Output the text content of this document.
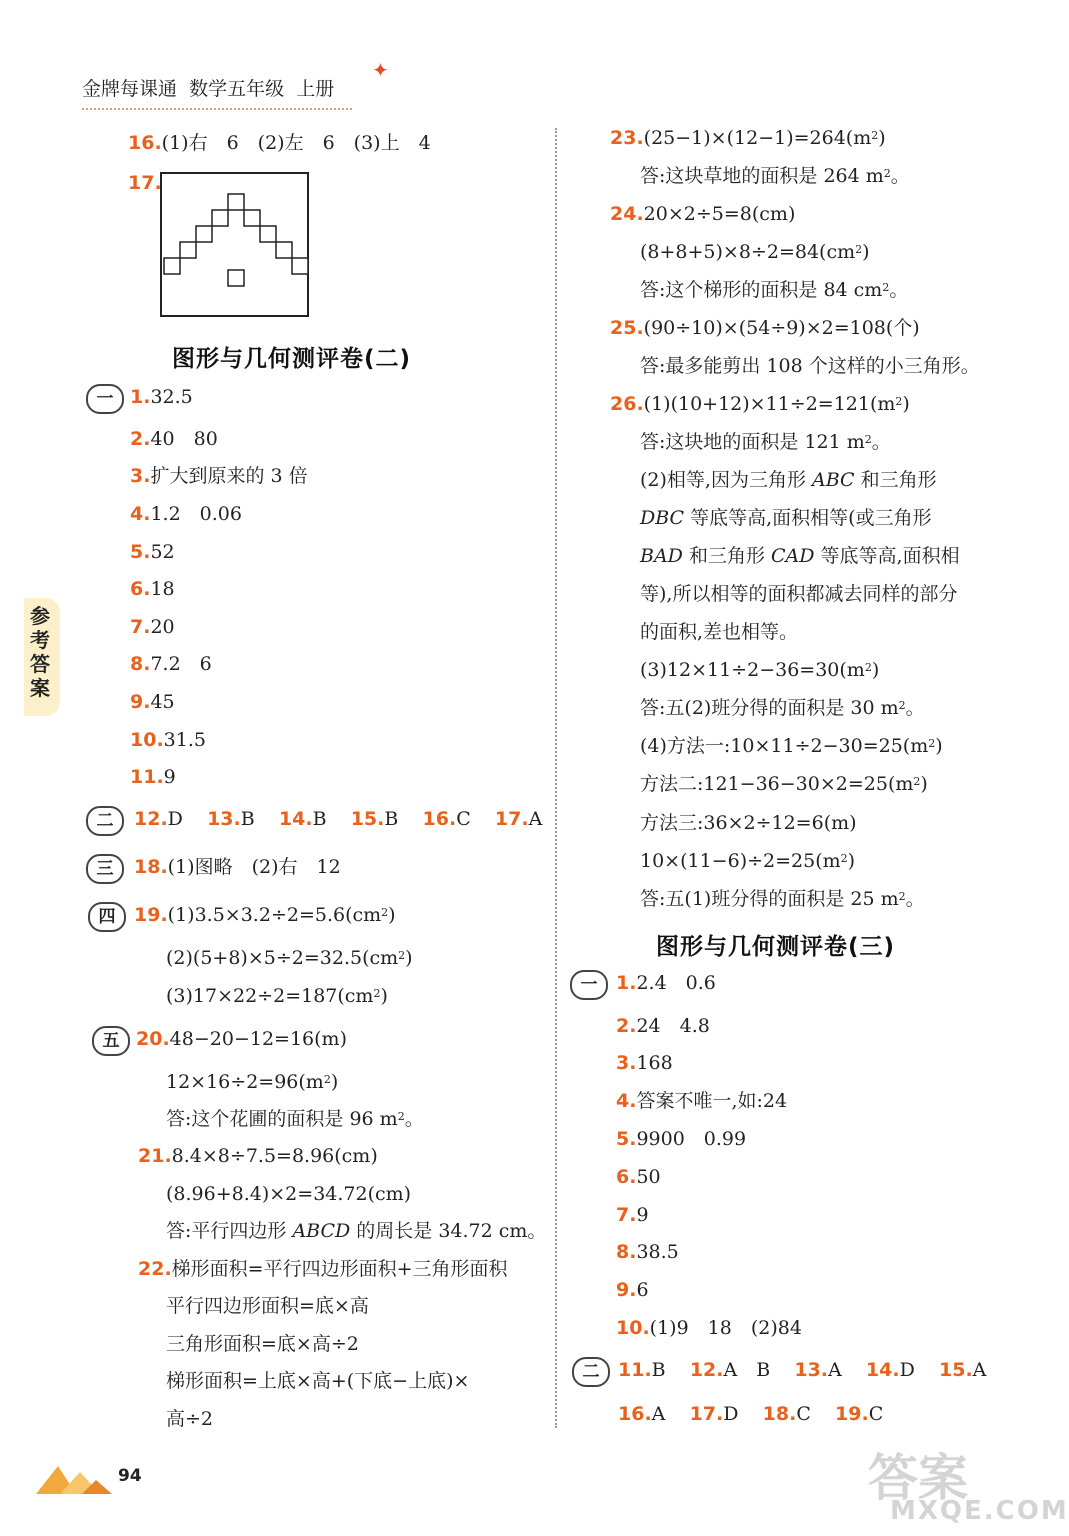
金牌每课通 数学五年级 上册
✦
参考答案
16.(1)右　6　(2)左　6　(3)上　4
17.
图形与几何测评卷(二)
一 1.32.5
2.40　80
3.扩大到原来的 3 倍
4.1.2　0.06
5.52
6.18
7.20
8.7.2　6
9.45
10.31.5
11.9
二	12.D 13.B 14.B 15.B 16.C 17.A
三	18.(1)图略　(2)右　12
四 $19.(1)3.5\times 3.2\div 2=5.6(cm^2)$
$(2)(5+8)\times 5\div 2=32.5(cm^2)$
$(3)17\times 22\div 2=187(cm^2)$
五 20.48−20−12=16(m)
$12\times 16\div 2=96(m^2)$
答:这个花圃的面积是 96 $m^2$。
21.8.4×8÷7.5=8.96(cm)
(8.96+8.4)×2=34.72(cm)
答:平行四边形 ABCD 的周长是 34.72 cm。
22.梯形面积=平行四边形面积+三角形面积
平行四边形面积=底×高
三角形面积=底×高÷2
梯形面积=上底×高+(下底−上底)×
高÷2
$23.(25-1)\times(12-1)=264(m^2)$
答:这块草地的面积是 264 $m^2$。
24.20×2÷5=8(cm)
$(8+8+5)\times 8\div 2=84(cm^2)$
答:这个梯形的面积是 84 $cm^2$。
25.(90÷10)×(54÷9)×2=108(个)
答:最多能剪出 108 个这样的小三角形。
$26.(1)(10+12)\times 11\div 2=121(m^2)$
答:这块地的面积是 121 $m^2$。
(2)相等,因为三角形 ABC 和三角形
DBC 等底等高,面积相等(或三角形
BAD 和三角形 CAD 等底等高,面积相
等),所以相等的面积都减去同样的部分
的面积,差也相等。
$(3)12\times 11\div 2-36=30(m^2)$
答:五(2)班分得的面积是 30 $m^2$。
(4)方法一$:10\times 11\div 2-30=25(m^2)$
方法二$:121-36-30\times 2=25(m^2)$
方法三:36×2÷12=6(m)
$10\times(11-6)\div 2=25(m^2)$
答:五(1)班分得的面积是 25 $m^2$。
图形与几何测评卷(三)
一 1.2.4　0.6
2.24　4.8
3.168
4.答案不唯一,如:24
5.9900　0.99
6.50
7.9
8.38.5
9.6
10.(1)9　18　(2)84
二 11.B 12.A　B 13.A 14.D 15.A
16.A 17.D 18.C 19.C
94	答案
MXQE.COM
